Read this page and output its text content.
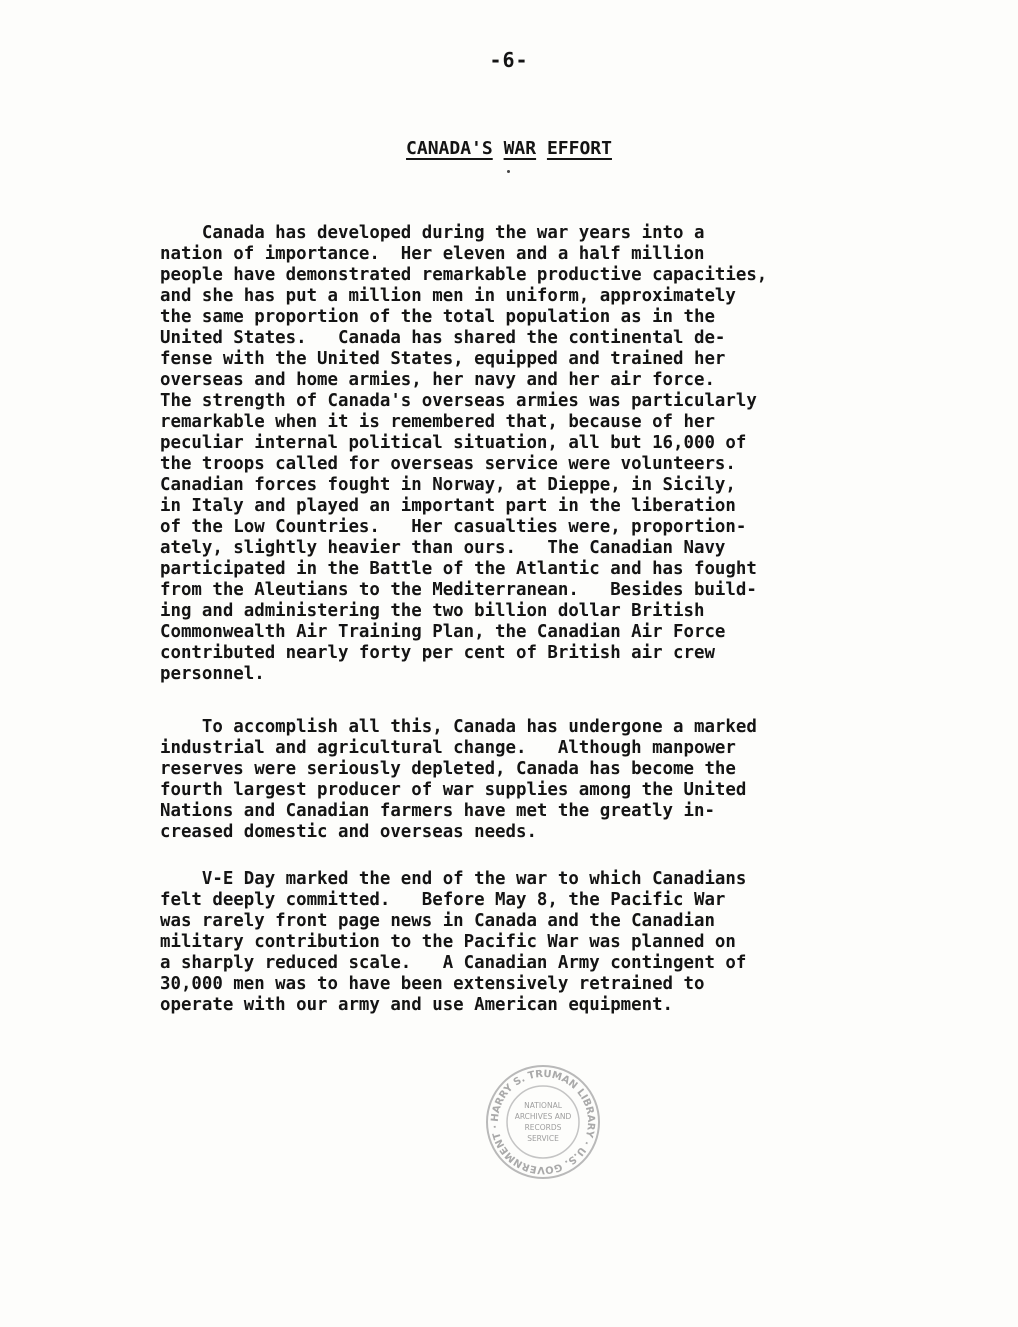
-6-
CANADA'S WAR EFFORT
Canada has developed during the war years into a
nation of importance.  Her eleven and a half million
people have demonstrated remarkable productive capacities,
and she has put a million men in uniform, approximately
the same proportion of the total population as in the
United States.   Canada has shared the continental de-
fense with the United States, equipped and trained her
overseas and home armies, her navy and her air force.
The strength of Canada's overseas armies was particularly
remarkable when it is remembered that, because of her
peculiar internal political situation, all but 16,000 of
the troops called for overseas service were volunteers.
Canadian forces fought in Norway, at Dieppe, in Sicily,
in Italy and played an important part in the liberation
of the Low Countries.   Her casualties were, proportion-
ately, slightly heavier than ours.   The Canadian Navy
participated in the Battle of the Atlantic and has fought
from the Aleutians to the Mediterranean.   Besides build-
ing and administering the two billion dollar British
Commonwealth Air Training Plan, the Canadian Air Force
contributed nearly forty per cent of British air crew
personnel.
To accomplish all this, Canada has undergone a marked
industrial and agricultural change.   Although manpower
reserves were seriously depleted, Canada has become the
fourth largest producer of war supplies among the United
Nations and Canadian farmers have met the greatly in-
creased domestic and overseas needs.
V-E Day marked the end of the war to which Canadians
felt deeply committed.   Before May 8, the Pacific War
was rarely front page news in Canada and the Canadian
military contribution to the Pacific War was planned on
a sharply reduced scale.   A Canadian Army contingent of
30,000 men was to have been extensively retrained to
operate with our army and use American equipment.
HARRY S. TRUMAN LIBRARY · U.S. GOVERNMENT ·
NATIONAL
ARCHIVES AND
RECORDS
SERVICE
